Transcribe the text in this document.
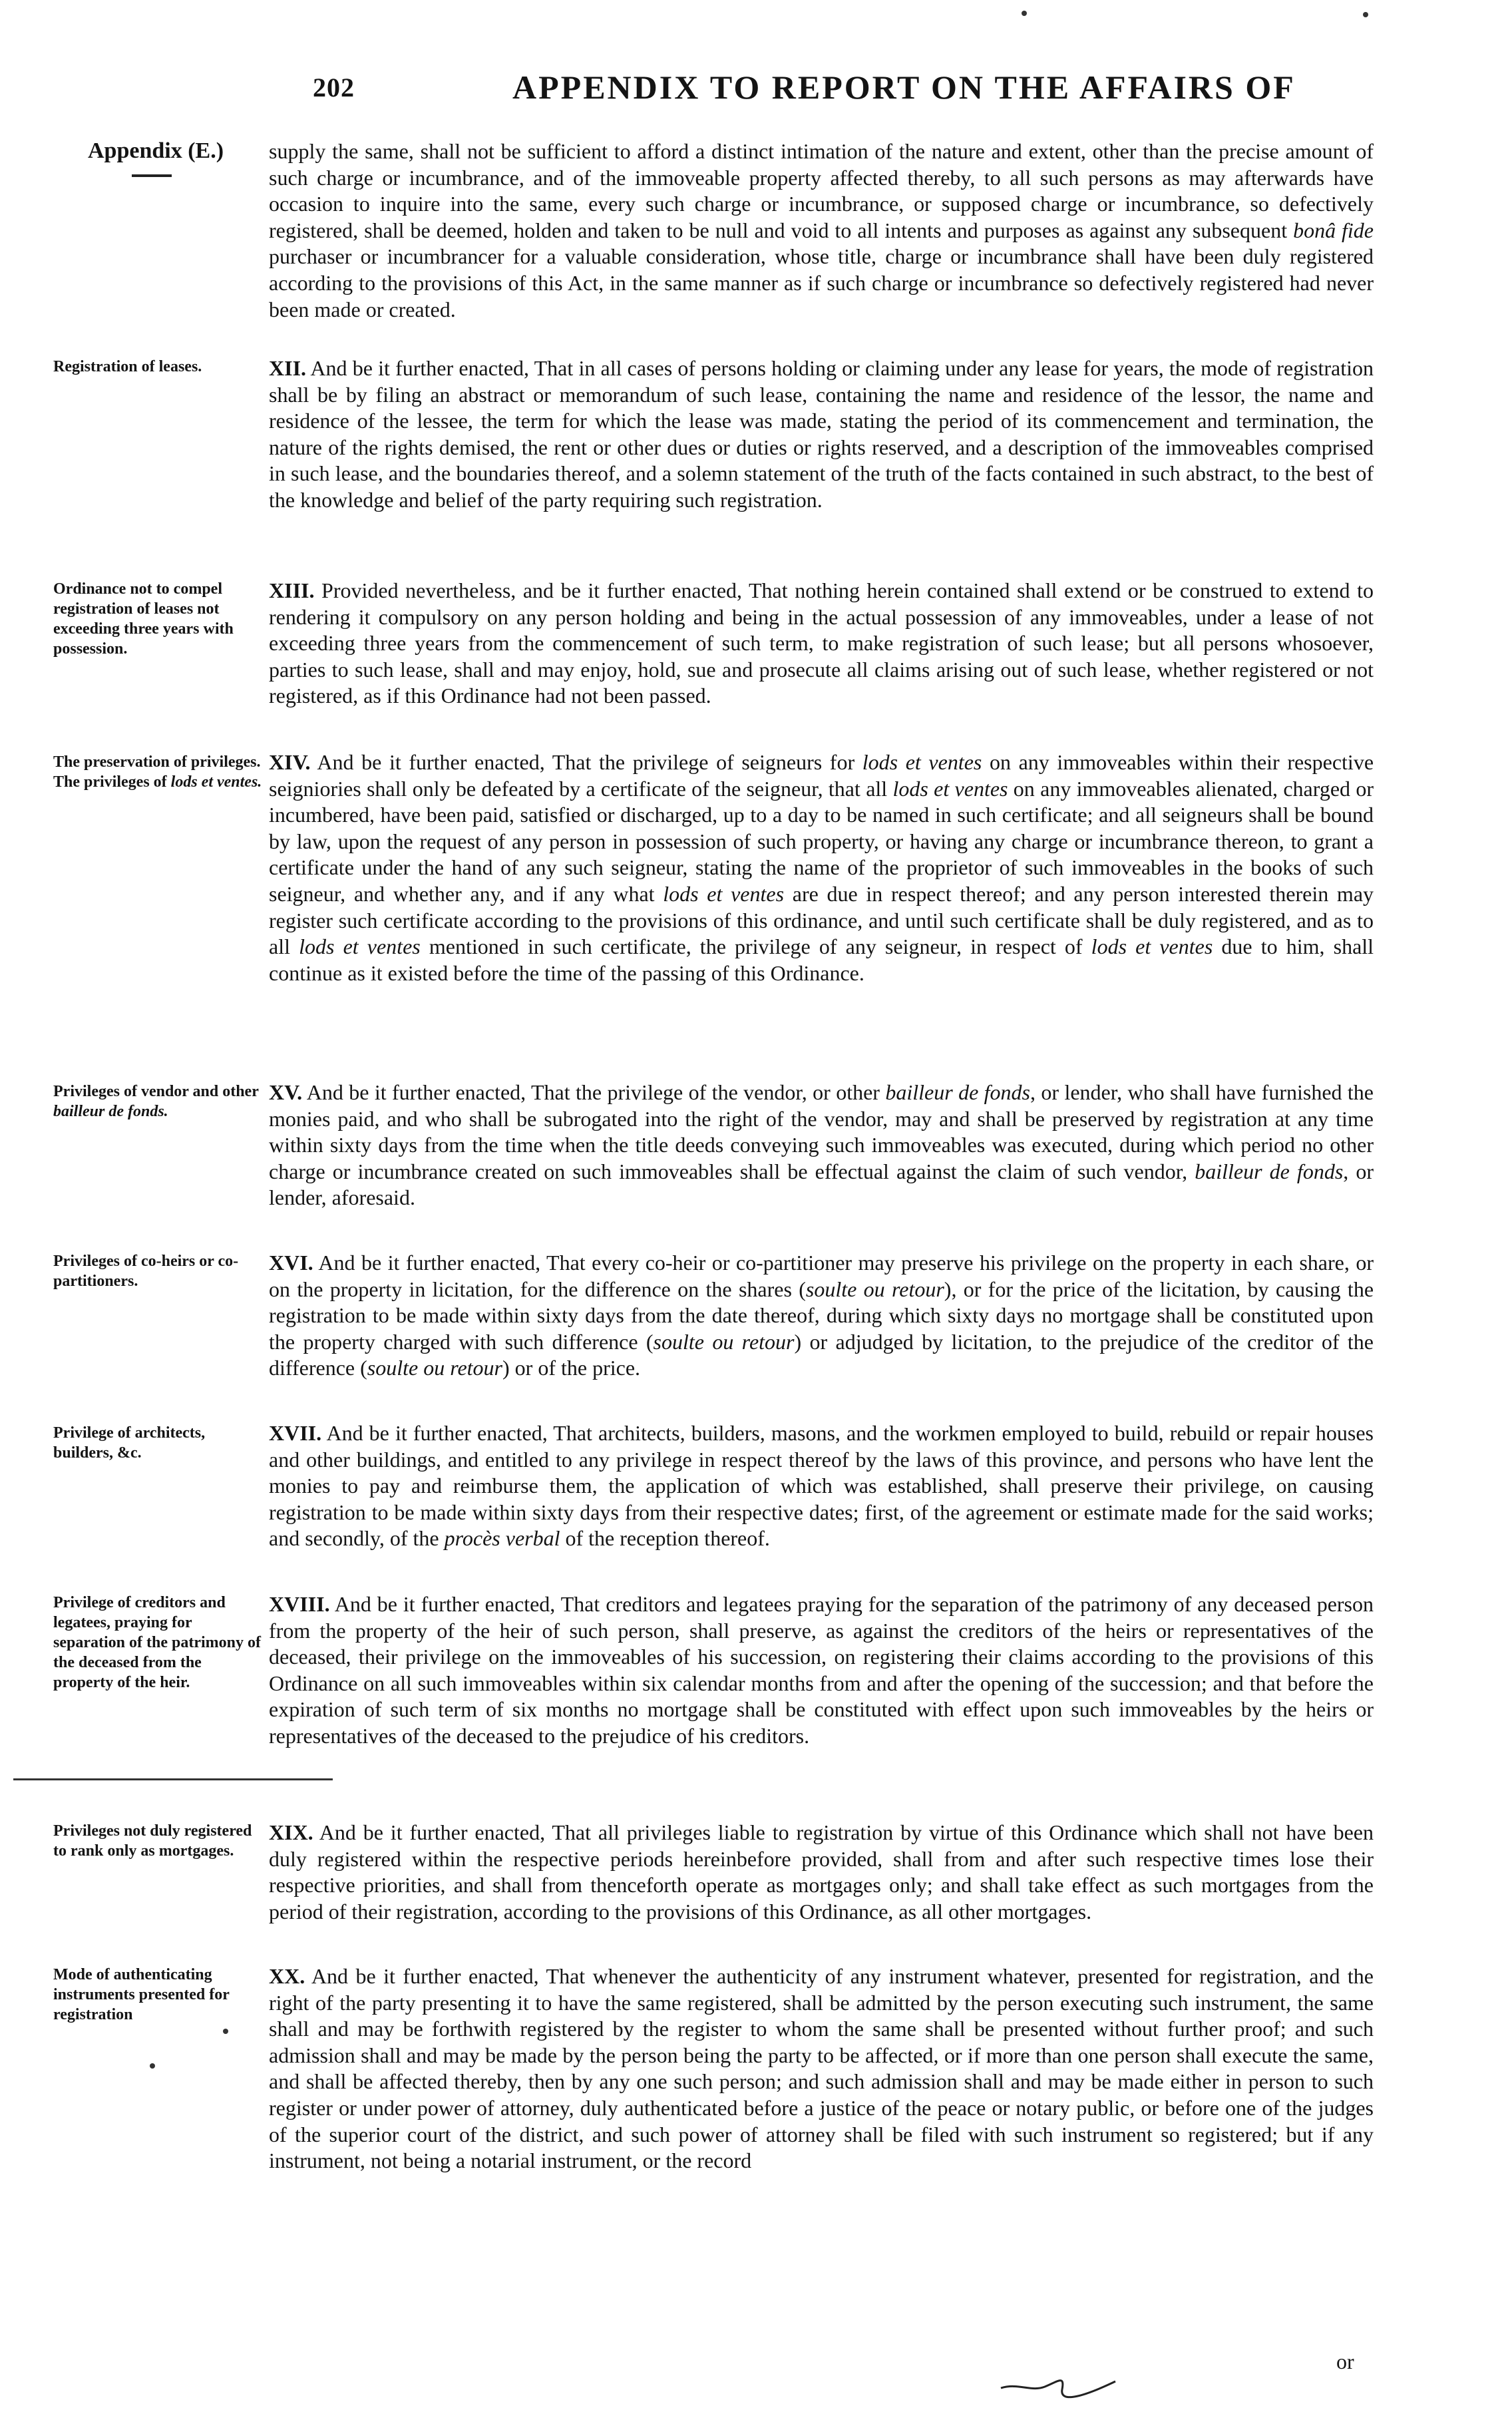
202	APPENDIX TO REPORT ON THE AFFAIRS OF
Appendix (E.)
Registration of leases.
Ordinance not to compel registration of leases not exceeding three years with possession.
The preservation of privileges.
The privileges of lods et ventes.
Privileges of vendor and other bailleur de fonds.
Privileges of co-heirs or co-partitioners.
Privilege of architects, builders, &c.
Privilege of creditors and legatees, praying for separation of the patrimony of the deceased from the property of the heir.
Privileges not duly registered to rank only as mortgages.
Mode of authenticating instruments presented for registration
supply the same, shall not be sufficient to afford a distinct intimation of the nature and extent, other than the precise amount of such charge or incumbrance, and of the immoveable property affected thereby, to all such persons as may afterwards have occasion to inquire into the same, every such charge or incumbrance, or supposed charge or incumbrance, so defectively registered, shall be deemed, holden and taken to be null and void to all intents and purposes as against any subsequent bonâ fide purchaser or incumbrancer for a valuable consideration, whose title, charge or incumbrance shall have been duly registered according to the provisions of this Act, in the same manner as if such charge or incumbrance so defectively registered had never been made or created.
XII. And be it further enacted, That in all cases of persons holding or claiming under any lease for years, the mode of registration shall be by filing an abstract or memorandum of such lease, containing the name and residence of the lessor, the name and residence of the lessee, the term for which the lease was made, stating the period of its commencement and termination, the nature of the rights demised, the rent or other dues or duties or rights reserved, and a description of the immoveables comprised in such lease, and the boundaries thereof, and a solemn statement of the truth of the facts contained in such abstract, to the best of the knowledge and belief of the party requiring such registration.
XIII. Provided nevertheless, and be it further enacted, That nothing herein contained shall extend or be construed to extend to rendering it compulsory on any person holding and being in the actual possession of any immoveables, under a lease of not exceeding three years from the commencement of such term, to make registration of such lease; but all persons whosoever, parties to such lease, shall and may enjoy, hold, sue and prosecute all claims arising out of such lease, whether registered or not registered, as if this Ordinance had not been passed.
XIV. And be it further enacted, That the privilege of seigneurs for lods et ventes on any immoveables within their respective seigniories shall only be defeated by a certificate of the seigneur, that all lods et ventes on any immoveables alienated, charged or incumbered, have been paid, satisfied or discharged, up to a day to be named in such certificate; and all seigneurs shall be bound by law, upon the request of any person in possession of such property, or having any charge or incumbrance thereon, to grant a certificate under the hand of any such seigneur, stating the name of the proprietor of such immoveables in the books of such seigneur, and whether any, and if any what lods et ventes are due in respect thereof; and any person interested therein may register such certificate according to the provisions of this ordinance, and until such certificate shall be duly registered, and as to all lods et ventes mentioned in such certificate, the privilege of any seigneur, in respect of lods et ventes due to him, shall continue as it existed before the time of the passing of this Ordinance.
XV. And be it further enacted, That the privilege of the vendor, or other bailleur de fonds, or lender, who shall have furnished the monies paid, and who shall be subrogated into the right of the vendor, may and shall be preserved by registration at any time within sixty days from the time when the title deeds conveying such immoveables was executed, during which period no other charge or incumbrance created on such immoveables shall be effectual against the claim of such vendor, bailleur de fonds, or lender, aforesaid.
XVI. And be it further enacted, That every co-heir or co-partitioner may preserve his privilege on the property in each share, or on the property in licitation, for the difference on the shares (soulte ou retour), or for the price of the licitation, by causing the registration to be made within sixty days from the date thereof, during which sixty days no mortgage shall be constituted upon the property charged with such difference (soulte ou retour) or adjudged by licitation, to the prejudice of the creditor of the difference (soulte ou retour) or of the price.
XVII. And be it further enacted, That architects, builders, masons, and the workmen employed to build, rebuild or repair houses and other buildings, and entitled to any privilege in respect thereof by the laws of this province, and persons who have lent the monies to pay and reimburse them, the application of which was established, shall preserve their privilege, on causing registration to be made within sixty days from their respective dates; first, of the agreement or estimate made for the said works; and secondly, of the procès verbal of the reception thereof.
XVIII. And be it further enacted, That creditors and legatees praying for the separation of the patrimony of any deceased person from the property of the heir of such person, shall preserve, as against the creditors of the heirs or representatives of the deceased, their privilege on the immoveables of his succession, on registering their claims according to the provisions of this Ordinance on all such immoveables within six calendar months from and after the opening of the succession; and that before the expiration of such term of six months no mortgage shall be constituted with effect upon such immoveables by the heirs or representatives of the deceased to the prejudice of his creditors.
XIX. And be it further enacted, That all privileges liable to registration by virtue of this Ordinance which shall not have been duly registered within the respective periods hereinbefore provided, shall from and after such respective times lose their respective priorities, and shall from thenceforth operate as mortgages only; and shall take effect as such mortgages from the period of their registration, according to the provisions of this Ordinance, as all other mortgages.
XX. And be it further enacted, That whenever the authenticity of any instrument whatever, presented for registration, and the right of the party presenting it to have the same registered, shall be admitted by the person executing such instrument, the same shall and may be forthwith registered by the register to whom the same shall be presented without further proof; and such admission shall and may be made by the person being the party to be affected, or if more than one person shall execute the same, and shall be affected thereby, then by any one such person; and such admission shall and may be made either in person to such register or under power of attorney, duly authenticated before a justice of the peace or notary public, or before one of the judges of the superior court of the district, and such power of attorney shall be filed with such instrument so registered; but if any instrument, not being a notarial instrument, or the record
or
